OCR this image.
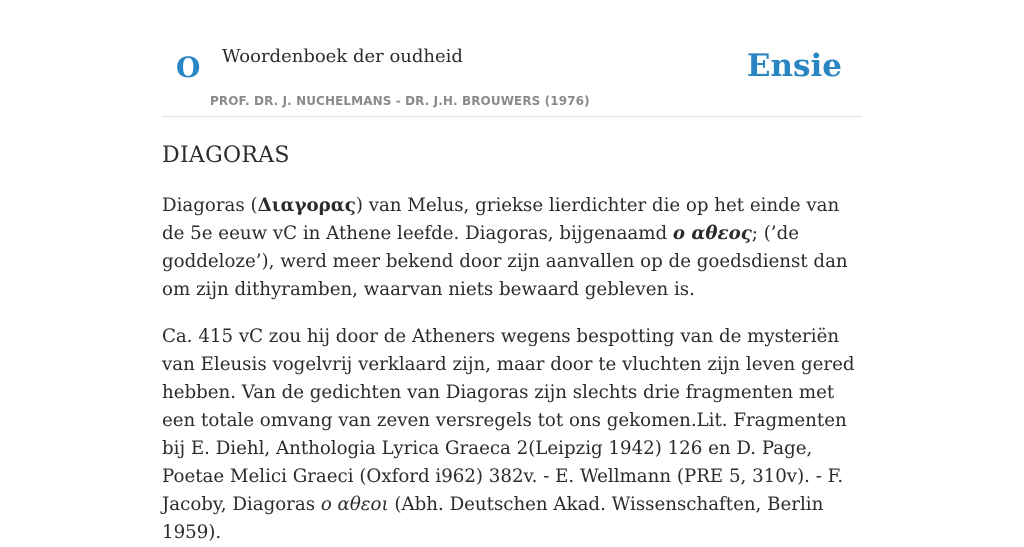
O Woordenboek der oudheid
PROF. DR. J. NUCHELMANS - DR. J.H. BROUWERS (1976)
Ensie
DIAGORAS

Diagoras (Διαγορας) van Melus, griekse lierdichter die op het einde van de 5e eeuw vC in Athene leefde. Diagoras, bijgenaamd ο αθεος; (’de goddeloze’), werd meer bekend door zijn aanvallen op de goedsdienst dan om zijn dithyramben, waarvan niets bewaard gebleven is.

Ca. 415 vC zou hij door de Atheners wegens bespotting van de mysteriën van Eleusis vogelvrij verklaard zijn, maar door te vluchten zijn leven gered hebben. Van de gedichten van Diagoras zijn slechts drie fragmenten met een totale omvang van zeven versregels tot ons gekomen.Lit. Fragmenten bij E. Diehl, Anthologia Lyrica Graeca 2(Leipzig 1942) 126 en D. Page, Poetae Melici Graeci (Oxford i962) 382v. - E. Wellmann (PRE 5, 310v). - F. Jacoby, Diagoras ο αθεοι (Abh. Deutschen Akad. Wissenschaften, Berlin 1959).
